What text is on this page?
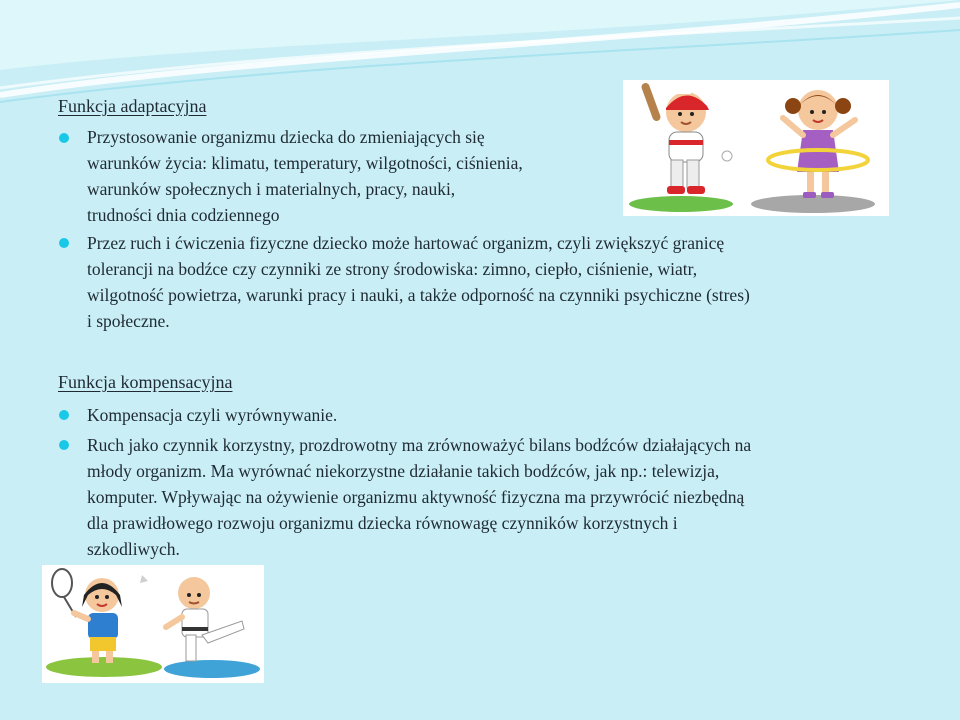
Funkcja adaptacyjna

Przystosowanie organizmu dziecka do zmieniających się
warunków życia: klimatu, temperatury, wilgotności, ciśnienia,
warunków społecznych i materialnych, pracy, nauki,
trudności dnia codziennego

Przez ruch i ćwiczenia fizyczne dziecko może hartować organizm, czyli zwiększyć granicę
tolerancji na bodźce czy czynniki ze strony środowiska: zimno, ciepło, ciśnienie, wiatr,
wilgotność powietrza, warunki pracy i nauki, a także odporność na czynniki psychiczne (stres)
i społeczne.

Funkcja kompensacyjna

Kompensacja czyli wyrównywanie.

Ruch jako czynnik korzystny, prozdrowotny ma zrównoważyć bilans bodźców działających na
młody organizm. Ma wyrównać niekorzystne działanie takich bodźców, jak np.: telewizja,
komputer. Wpływając na ożywienie organizmu aktywność fizyczna ma przywrócić niezbędną
dla prawidłowego rozwoju organizmu dziecka równowagę czynników korzystnych i
szkodliwych.
